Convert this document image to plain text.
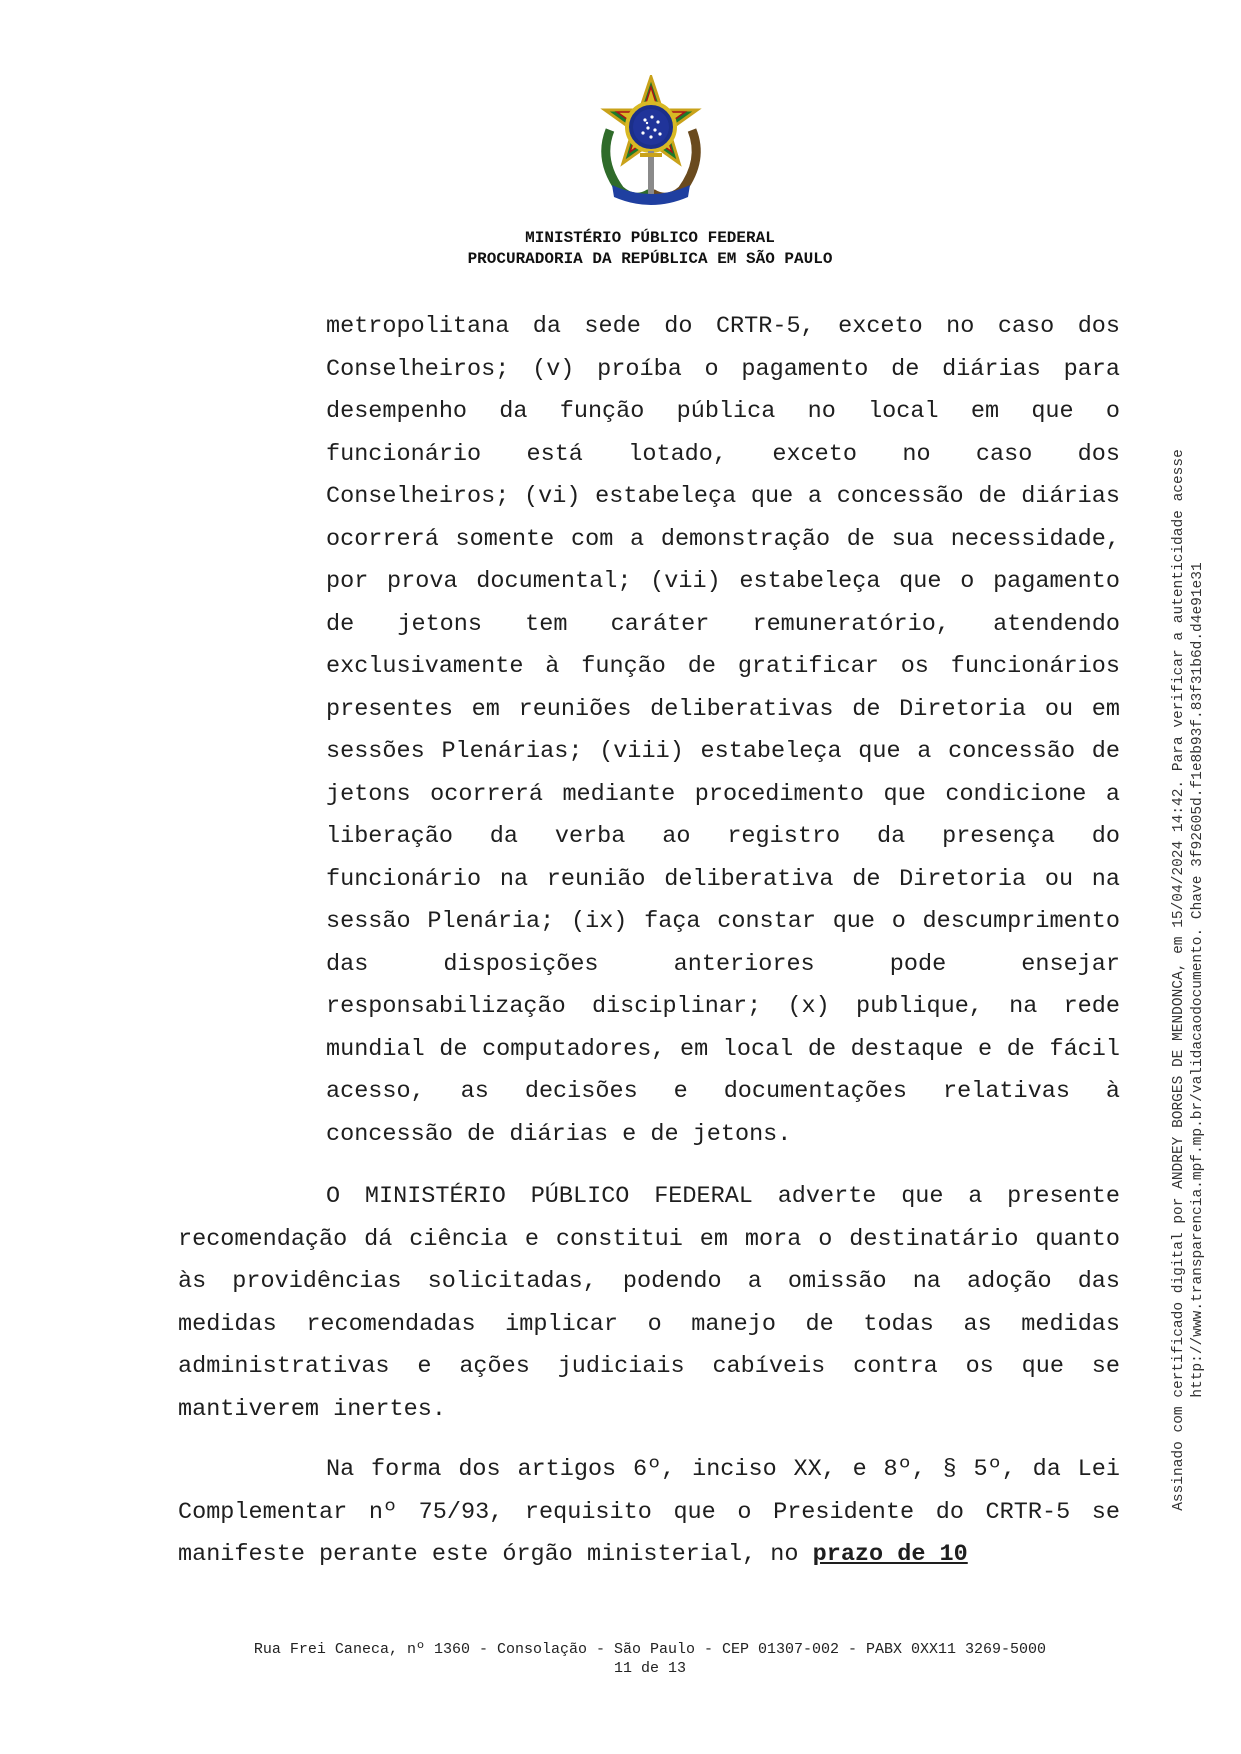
MINISTÉRIO PÚBLICO FEDERAL
PROCURADORIA DA REPÚBLICA EM SÃO PAULO

metropolitana da sede do CRTR-5, exceto no caso dos Conselheiros; (v) proíba o pagamento de diárias para desempenho da função pública no local em que o funcionário está lotado, exceto no caso dos Conselheiros; (vi) estabeleça que a concessão de diárias ocorrerá somente com a demonstração de sua necessidade, por prova documental; (vii) estabeleça que o pagamento de jetons tem caráter remuneratório, atendendo exclusivamente à função de gratificar os funcionários presentes em reuniões deliberativas de Diretoria ou em sessões Plenárias; (viii) estabeleça que a concessão de jetons ocorrerá mediante procedimento que condicione a liberação da verba ao registro da presença do funcionário na reunião deliberativa de Diretoria ou na sessão Plenária; (ix) faça constar que o descumprimento das disposições anteriores pode ensejar responsabilização disciplinar; (x) publique, na rede mundial de computadores, em local de destaque e de fácil acesso, as decisões e documentações relativas à concessão de diárias e de jetons.

O MINISTÉRIO PÚBLICO FEDERAL adverte que a presente recomendação dá ciência e constitui em mora o destinatário quanto às providências solicitadas, podendo a omissão na adoção das medidas recomendadas implicar o manejo de todas as medidas administrativas e ações judiciais cabíveis contra os que se mantiverem inertes.

Na forma dos artigos 6º, inciso XX, e 8º, § 5º, da Lei Complementar nº 75/93, requisito que o Presidente do CRTR-5 se manifeste perante este órgão ministerial, no prazo de 10

Rua Frei Caneca, nº 1360 - Consolação - São Paulo - CEP 01307-002 - PABX 0XX11 3269-5000
11 de 13
Assinado com certificado digital por ANDREY BORGES DE MENDONCA, em 15/04/2024 14:42. Para verificar a autenticidade acesse http://www.transparencia.mpf.mp.br/validacaodocumento. Chave 3f92605d.f1e8b93f.83f31b6d.d4e91e31
